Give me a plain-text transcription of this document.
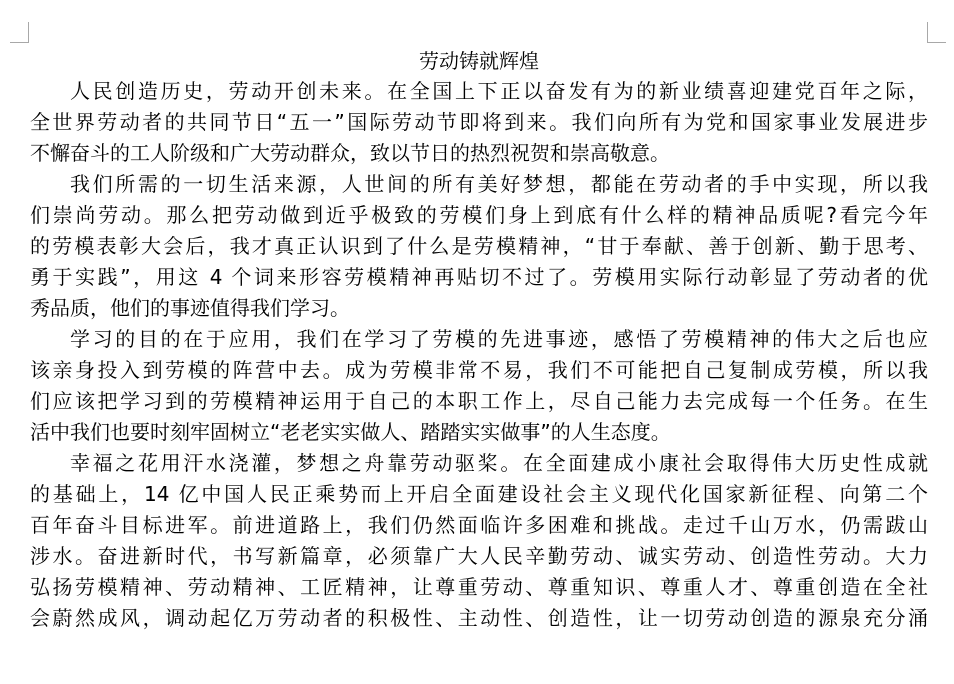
劳动铸就辉煌
人民创造历史，劳动开创未来。在全国上下正以奋发有为的新业绩喜迎建党百年之际，
全世界劳动者的共同节日“五一”国际劳动节即将到来。我们向所有为党和国家事业发展进步
不懈奋斗的工人阶级和广大劳动群众，致以节日的热烈祝贺和崇高敬意。
我们所需的一切生活来源，人世间的所有美好梦想，都能在劳动者的手中实现，所以我
们崇尚劳动。那么把劳动做到近乎极致的劳模们身上到底有什么样的精神品质呢?看完今年
的劳模表彰大会后，我才真正认识到了什么是劳模精神，“甘于奉献、善于创新、勤于思考、
勇于实践”，用这 4 个词来形容劳模精神再贴切不过了。劳模用实际行动彰显了劳动者的优
秀品质，他们的事迹值得我们学习。
学习的目的在于应用，我们在学习了劳模的先进事迹，感悟了劳模精神的伟大之后也应
该亲身投入到劳模的阵营中去。成为劳模非常不易，我们不可能把自己复制成劳模，所以我
们应该把学习到的劳模精神运用于自己的本职工作上，尽自己能力去完成每一个任务。在生
活中我们也要时刻牢固树立“老老实实做人、踏踏实实做事”的人生态度。
幸福之花用汗水浇灌，梦想之舟靠劳动驱桨。在全面建成小康社会取得伟大历史性成就
的基础上，14 亿中国人民正乘势而上开启全面建设社会主义现代化国家新征程、向第二个
百年奋斗目标进军。前进道路上，我们仍然面临许多困难和挑战。走过千山万水，仍需跋山
涉水。奋进新时代，书写新篇章，必须靠广大人民辛勤劳动、诚实劳动、创造性劳动。大力
弘扬劳模精神、劳动精神、工匠精神，让尊重劳动、尊重知识、尊重人才、尊重创造在全社
会蔚然成风，调动起亿万劳动者的积极性、主动性、创造性，让一切劳动创造的源泉充分涌
